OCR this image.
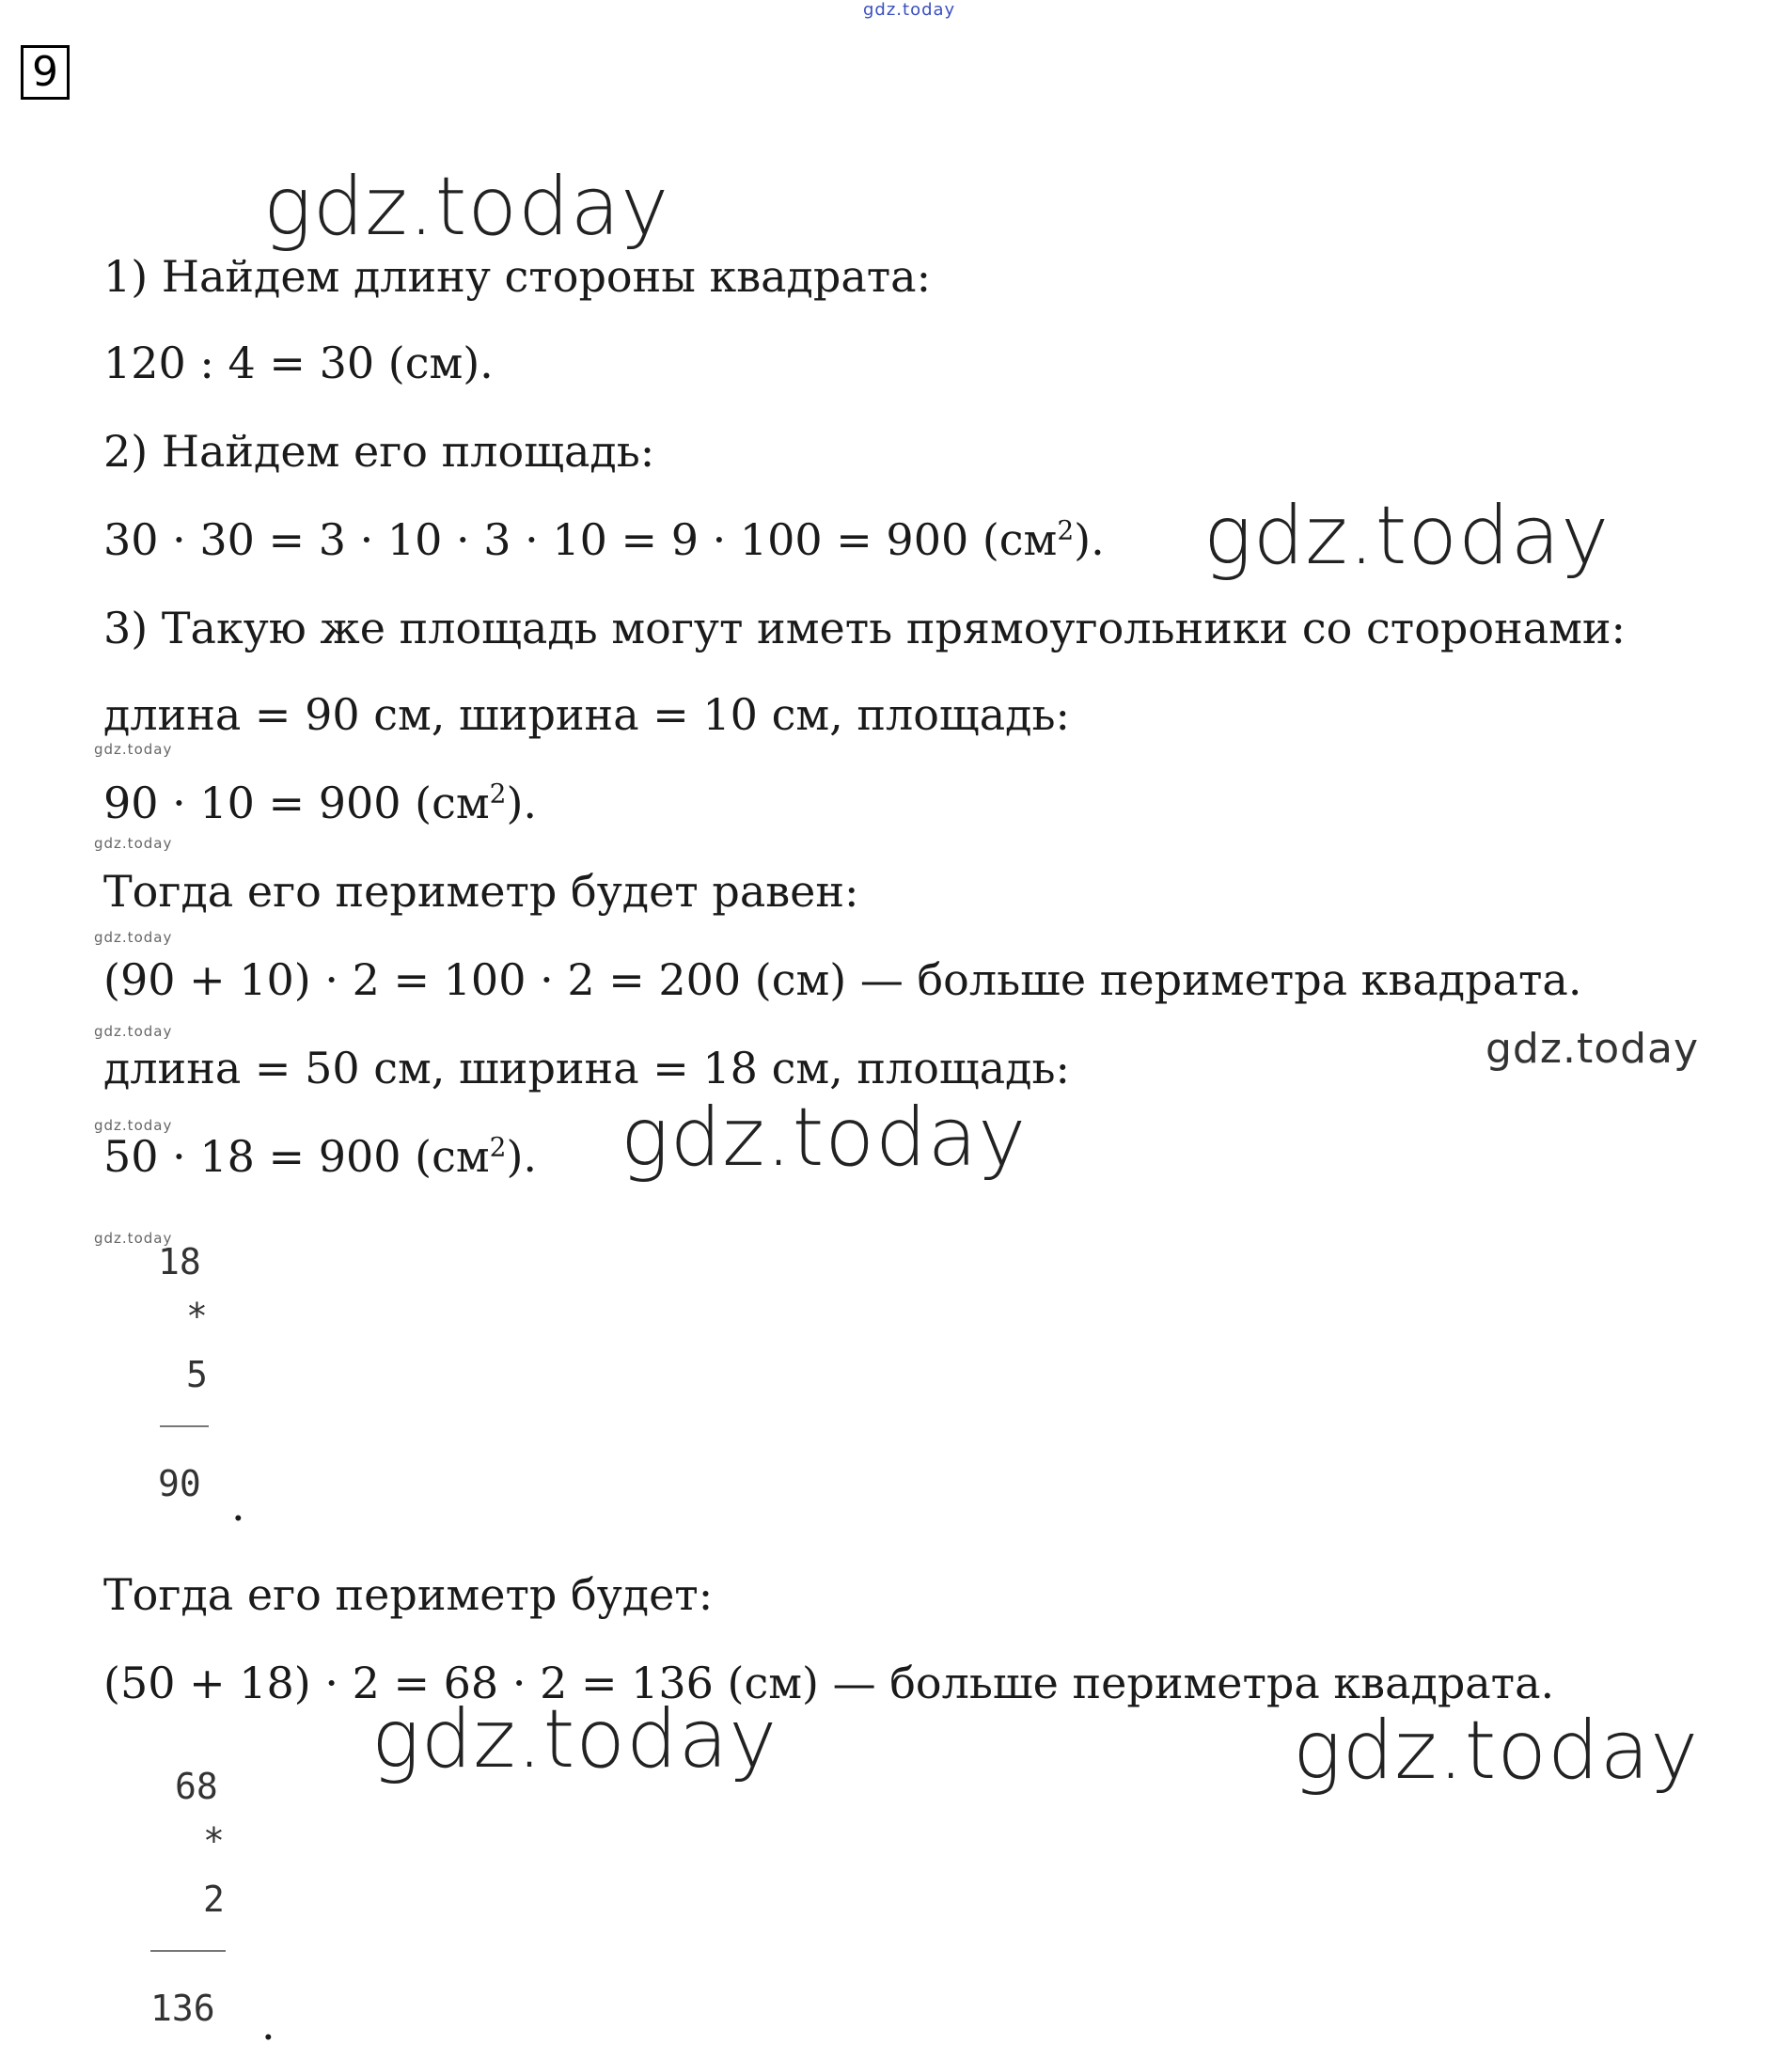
gdz.today
9
gdz.today
gdz.today
gdz.today
gdz.today
gdz.today	gdz.today
gdz.today
gdz.today
gdz.today
gdz.today
gdz.today
gdz.today
1) Найдем длину стороны квадрата:
120 : 4 = 30 (см).
2) Найдем его площадь:
30 · 30 = 3 · 10 · 3 · 10 = 9 · 100 = 900 $(см^2)$.
3) Такую же площадь могут иметь прямоугольники со сторонами:
длина = 90 см, ширина = 10 см, площадь:
90 · 10 = 900 $(см^2)$.
Тогда его периметр будет равен:
(90 + 10) · 2 = 100 · 2 = 200 (см) — больше периметра квадрата.
длина = 50 см, ширина = 18 см, площадь:
50 · 18 = 900 $(см^2)$.
18
*
5
90 .
Тогда его периметр будет:
(50 + 18) · 2 = 68 · 2 = 136 (см) — больше периметра квадрата.
68
*
2
136 .
